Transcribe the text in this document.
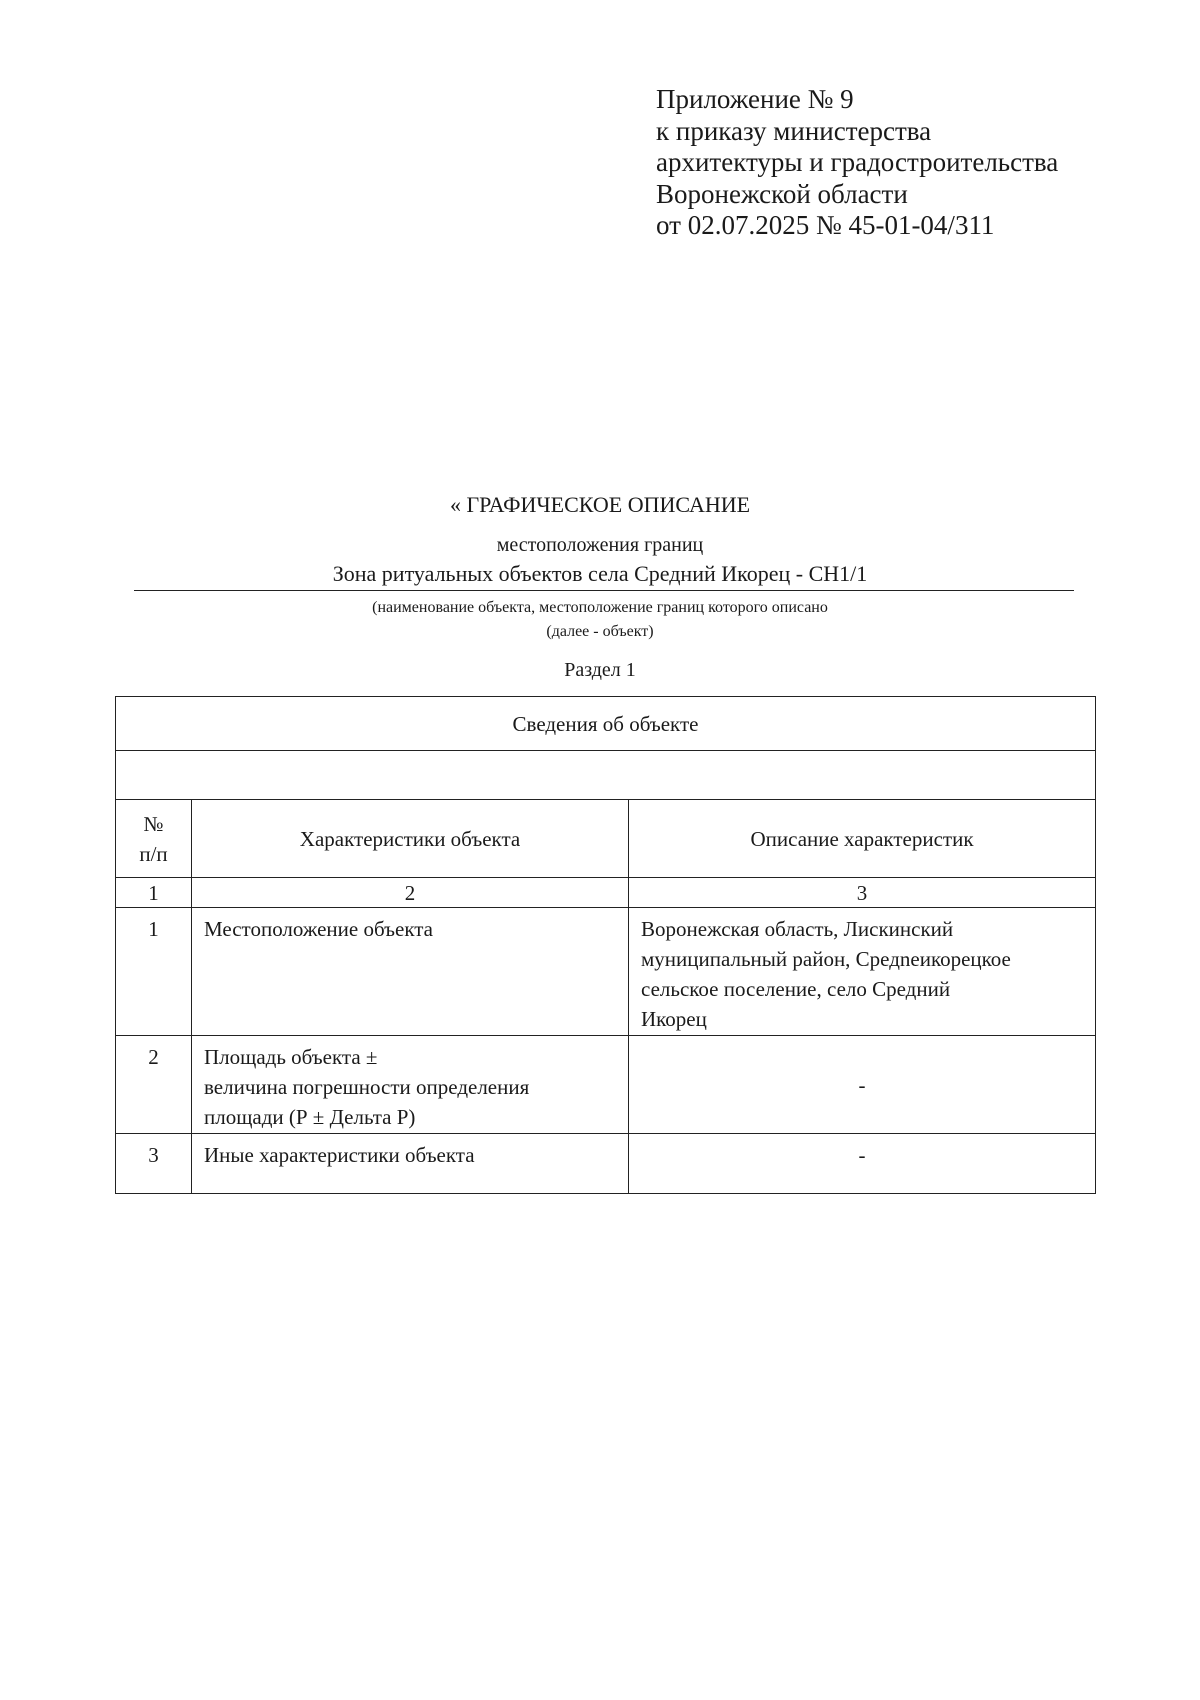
Приложение № 9
к приказу министерства
архитектуры и градостроительства
Воронежской области
от 02.07.2025 № 45-01-04/311
« ГРАФИЧЕСКОЕ ОПИСАНИЕ
местоположения границ
Зона ритуальных объектов села Средний Икорец - СН1/1
(наименование объекта, местоположение границ которого описано
(далее - объект)
Раздел 1
Сведения об объекте		

№
п/п	Характеристики объекта	Описание характеристик
1	2	3
1	Местоположение объекта	Воронежская область, Лискинский
муниципальный район, Средneикорецкое
сельское поселение, село Средний
Икорец

2	Площадь объекта ±
величина погрешности определения
площади (Р ± Дельта Р)	-
3	Иные характеристики объекта	-
